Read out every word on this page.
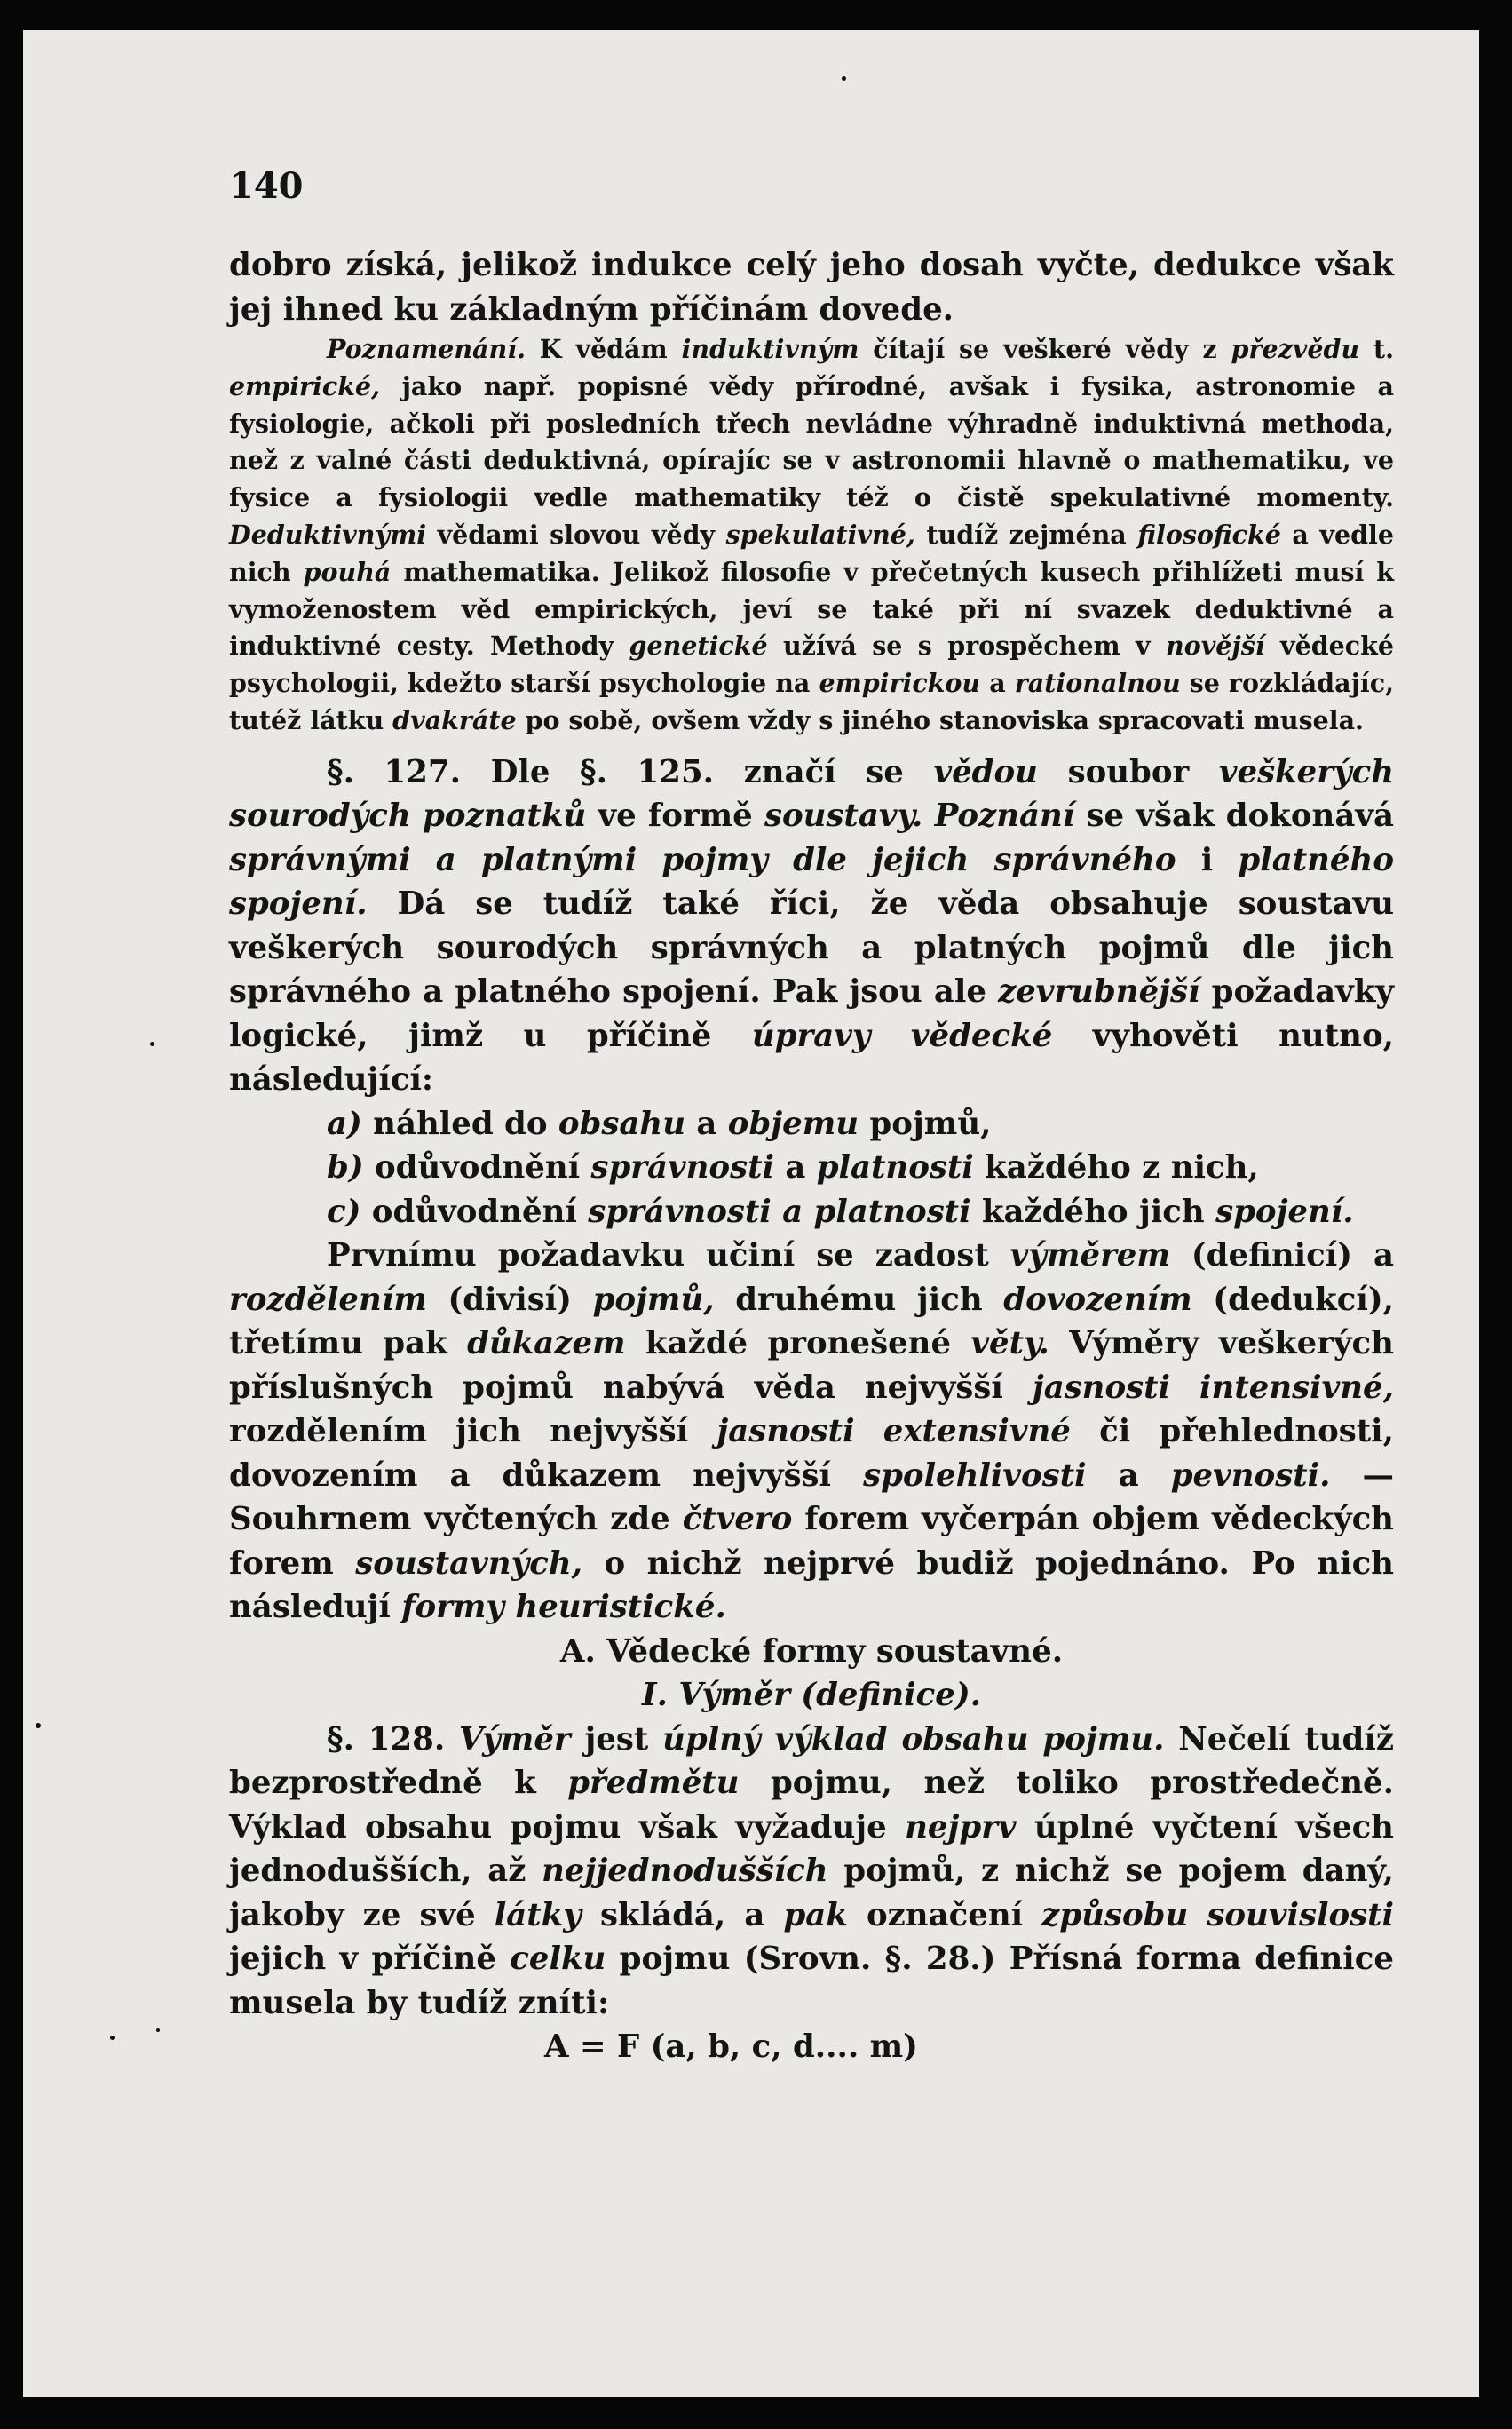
140

dobro získá, jelikož indukce celý jeho dosah vyčte, dedukce však jej ihned ku základným příčinám dovede.

Poznamenání. K vědám induktivným čítají se veškeré vědy z přezvědu t. empirické, jako např. popisné vědy přírodné, avšak i fysika, astronomie a fysiologie, ačkoli při posledních třech nevládne výhradně induktivná methoda, než z valné části deduktivná, opírajíc se v astronomii hlavně o mathematiku, ve fysice a fysiologii vedle mathematiky též o čistě spekulativné momenty. Deduktivnými vědami slovou vědy spekulativné, tudíž zejména filosofické a vedle nich pouhá mathematika. Jelikož filosofie v přečetných kusech přihlížeti musí k vymoženostem věd empirických, jeví se také při ní svazek deduktivné a induktivné cesty. Methody genetické užívá se s prospěchem v novější vědecké psychologii, kdežto starší psychologie na empirickou a rationalnou se rozkládajíc, tutéž látku dvakráte po sobě, ovšem vždy s jiného stanoviska spracovati musela.

§. 127. Dle §. 125. značí se vědou soubor veškerých sourodých poznatků ve formě soustavy. Poznání se však dokonává správnými a platnými pojmy dle jejich správného i platného spojení. Dá se tudíž také říci, že věda obsahuje soustavu veškerých sourodých správných a platných pojmů dle jich správného a platného spojení. Pak jsou ale zevrubnější požadavky logické, jimž u příčině úpravy vědecké vyhověti nutno, následující:

a) náhled do obsahu a objemu pojmů,

b) odůvodnění správnosti a platnosti každého z nich,

c) odůvodnění správnosti a platnosti každého jich spojení.

Prvnímu požadavku učiní se zadost výměrem (definicí) a rozdělením (divisí) pojmů, druhému jich dovozením (dedukcí), třetímu pak důkazem každé pronešené věty. Výměry veškerých příslušných pojmů nabývá věda nejvyšší jasnosti intensivné, rozdělením jich nejvyšší jasnosti extensivné či přehlednosti, dovozením a důkazem nejvyšší spolehlivosti a pevnosti. — Souhrnem vyčtených zde čtvero forem vyčerpán objem vědeckých forem soustavných, o nichž nejprvé budiž pojednáno. Po nich následují formy heuristické.

A. Vědecké formy soustavné.

I. Výměr (definice).

§. 128. Výměr jest úplný výklad obsahu pojmu. Nečelí tudíž bezprostředně k předmětu pojmu, než toliko prostředečně. Výklad obsahu pojmu však vyžaduje nejprv úplné vyčtení všech jednodušších, až nejjednodušších pojmů, z nichž se pojem daný, jakoby ze své látky skládá, a pak označení způsobu souvislosti jejich v příčině celku pojmu (Srovn. §. 28.) Přísná forma definice musela by tudíž zníti:

A = F (a, b, c, d.... m)
